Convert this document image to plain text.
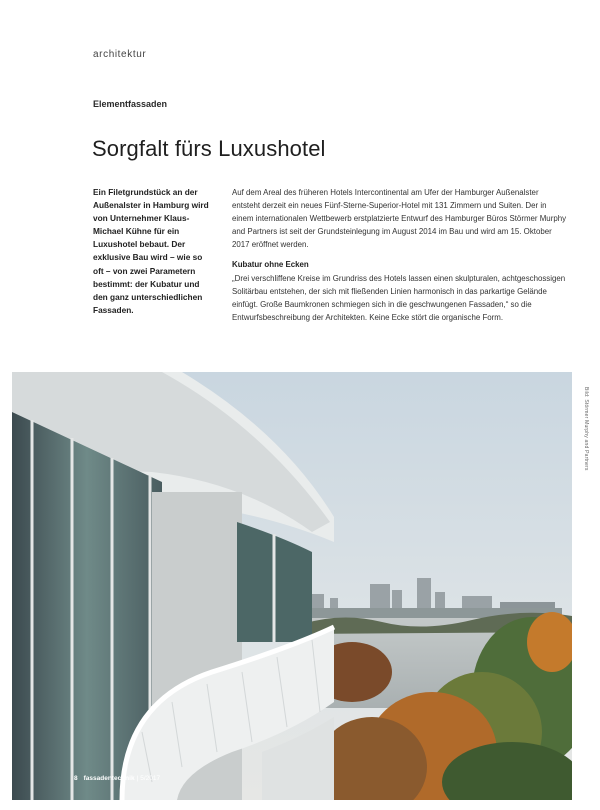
architektur
Elementfassaden
Sorgfalt fürs Luxushotel

Ein Filetgrundstück an der Außenalster in Hamburg wird von Unternehmer Klaus-Michael Kühne für ein Luxushotel bebaut. Der exklusive Bau wird – wie so oft – von zwei Parametern bestimmt: der Kubatur und den ganz unterschiedlichen Fassaden.

Auf dem Areal des früheren Hotels Intercontinental am Ufer der Hamburger Außenalster entsteht derzeit ein neues Fünf-Sterne-Superior-Hotel mit 131 Zimmern und Suiten. Der in einem internationalen Wettbewerb erstplatzierte Entwurf des Hamburger Büros Störmer Murphy and Partners ist seit der Grundsteinlegung im August 2014 im Bau und wird am 15. Oktober 2017 eröffnet werden.

Kubatur ohne Ecken

„Drei verschliffene Kreise im Grundriss des Hotels lassen einen skulpturalen, achtgeschossigen Solitärbau entstehen, der sich mit fließenden Linien harmonisch in das parkartige Gelände einfügt. Große Baumkronen schmiegen sich in die geschwungenen Fassaden,“ so die Entwurfsbeschreibung der Architekten. Keine Ecke stört die organische Form.

Bild: Störmer Murphy and Partners
8 fassadentechnik | 5/2017
